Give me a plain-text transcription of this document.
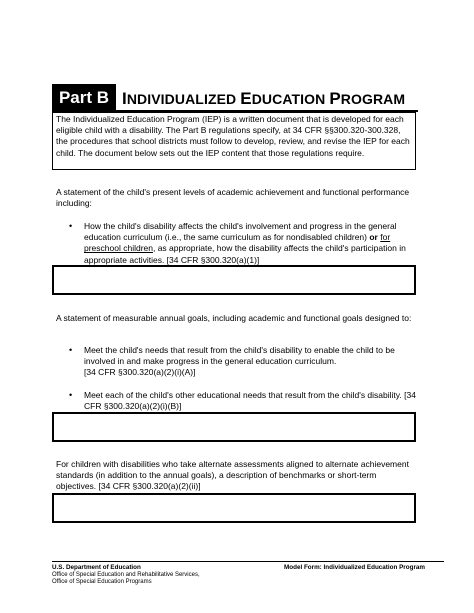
Part B INDIVIDUALIZED EDUCATION PROGRAM
The Individualized Education Program (IEP) is a written document that is developed for each eligible child with a disability. The Part B regulations specify, at 34 CFR §§300.320-300.328, the procedures that school districts must follow to develop, review, and revise the IEP for each child. The document below sets out the IEP content that those regulations require.
A statement of the child's present levels of academic achievement and functional performance including:
• How the child's disability affects the child's involvement and progress in the general education curriculum (i.e., the same curriculum as for nondisabled children) or for preschool children, as appropriate, how the disability affects the child's participation in appropriate activities. [34 CFR §300.320(a)(1)]
A statement of measurable annual goals, including academic and functional goals designed to:
• Meet the child's needs that result from the child's disability to enable the child to be involved in and make progress in the general education curriculum.
[34 CFR §300.320(a)(2)(i)(A)]
• Meet each of the child's other educational needs that result from the child's disability. [34 CFR §300.320(a)(2)(i)(B)]
For children with disabilities who take alternate assessments aligned to alternate achievement standards (in addition to the annual goals), a description of benchmarks or short-term objectives. [34 CFR §300.320(a)(2)(ii)]
U.S. Department of Education
Office of Special Education and Rehabilitative Services,
Office of Special Education Programs
Model Form: Individualized Education Program
